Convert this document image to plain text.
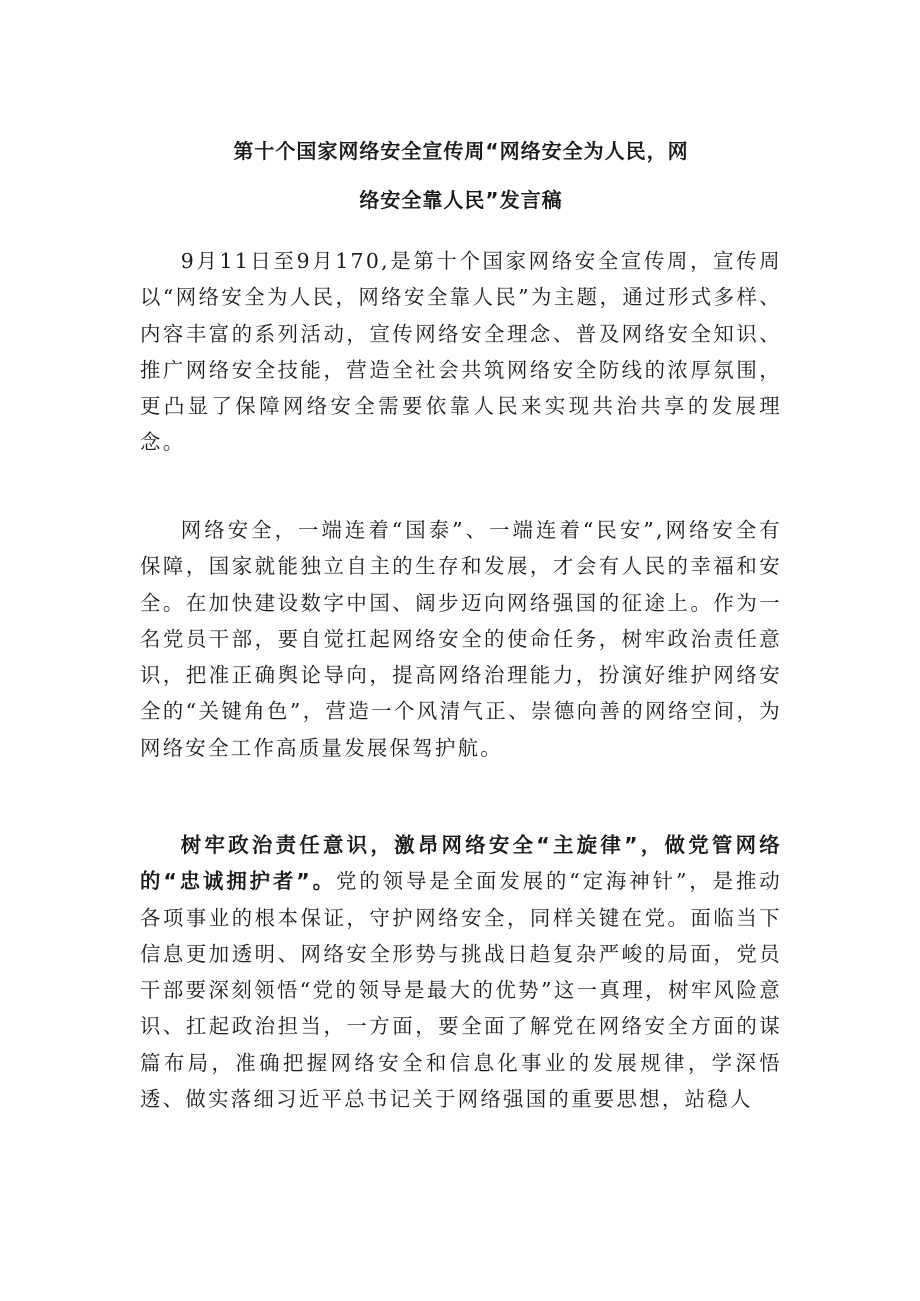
第十个国家网络安全宣传周“网络安全为人民，网
络安全靠人民”发言稿

9月11日至9月170,是第十个国家网络安全宣传周，宣传周以“网络安全为人民，网络安全靠人民”为主题，通过形式多样、内容丰富的系列活动，宣传网络安全理念、普及网络安全知识、推广网络安全技能，营造全社会共筑网络安全防线的浓厚氛围，更凸显了保障网络安全需要依靠人民来实现共治共享的发展理念。

网络安全，一端连着“国泰”、一端连着“民安”,网络安全有保障，国家就能独立自主的生存和发展，才会有人民的幸福和安全。在加快建设数字中国、阔步迈向网络强国的征途上。作为一名党员干部，要自觉扛起网络安全的使命任务，树牢政治责任意识，把准正确舆论导向，提高网络治理能力，扮演好维护网络安全的“关键角色”，营造一个风清气正、崇德向善的网络空间，为网络安全工作高质量发展保驾护航。

树牢政治责任意识，激昂网络安全“主旋律”，做党管网络的“忠诚拥护者”。党的领导是全面发展的“定海神针”，是推动各项事业的根本保证，守护网络安全，同样关键在党。面临当下信息更加透明、网络安全形势与挑战日趋复杂严峻的局面，党员干部要深刻领悟“党的领导是最大的优势”这一真理，树牢风险意识、扛起政治担当，一方面，要全面了解党在网络安全方面的谋篇布局，准确把握网络安全和信息化事业的发展规律，学深悟透、做实落细习近平总书记关于网络强国的重要思想，站稳人
